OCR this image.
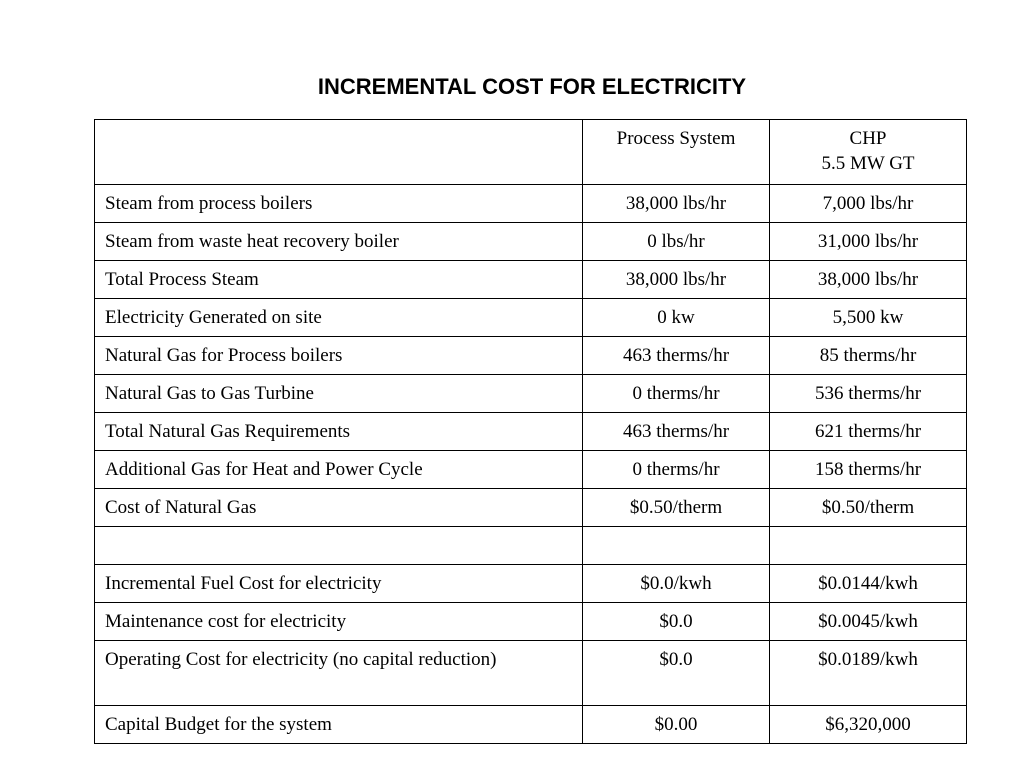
INCREMENTAL COST FOR ELECTRICITY

	Process System	CHP
5.5 MW GT

Steam from process boilers	38,000 lbs/hr	7,000 lbs/hr
Steam from waste heat recovery boiler	0 lbs/hr	31,000 lbs/hr
Total Process Steam	38,000 lbs/hr	38,000 lbs/hr
Electricity Generated on site	0 kw	5,500 kw
Natural Gas for Process boilers	463 therms/hr	85 therms/hr
Natural Gas to Gas Turbine	0 therms/hr	536 therms/hr
Total Natural Gas Requirements	463 therms/hr	621 therms/hr
Additional Gas for Heat and Power Cycle	0 therms/hr	158 therms/hr
Cost of Natural Gas	$0.50/therm	$0.50/therm

Incremental Fuel Cost for electricity	$0.0/kwh	$0.0144/kwh
Maintenance cost for electricity	$0.0	$0.0045/kwh
Operating Cost for electricity (no capital reduction)	$0.0	$0.0189/kwh
Capital Budget for the system	$0.00	$6,320,000
